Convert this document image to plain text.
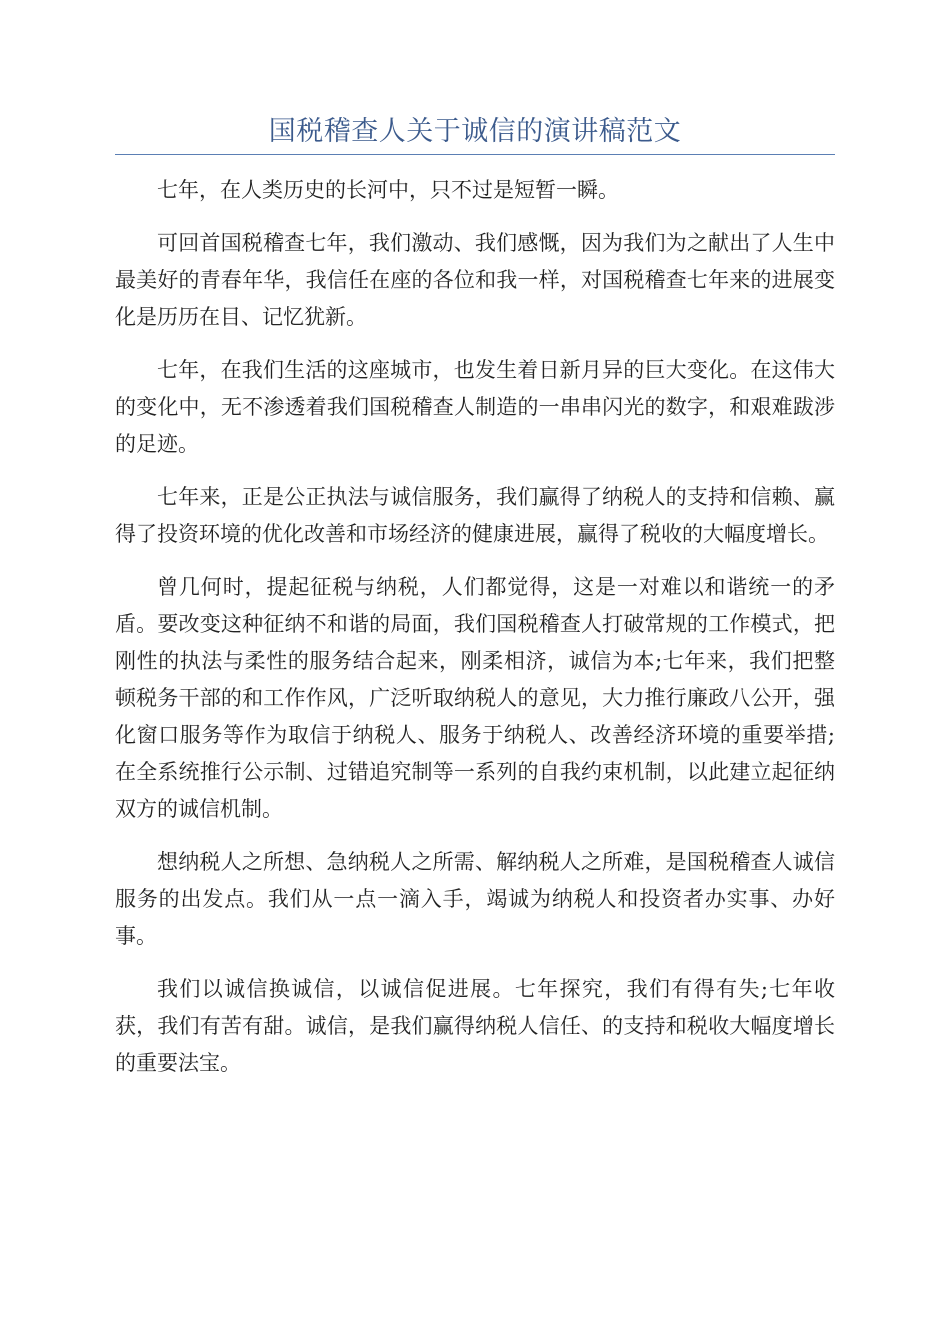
国税稽查人关于诚信的演讲稿范文

七年，在人类历史的长河中，只不过是短暂一瞬。

可回首国税稽查七年，我们激动、我们感慨，因为我们为之献出了人生中最美好的青春年华，我信任在座的各位和我一样，对国税稽查七年来的进展变化是历历在目、记忆犹新。

七年，在我们生活的这座城市，也发生着日新月异的巨大变化。在这伟大的变化中，无不渗透着我们国税稽查人制造的一串串闪光的数字，和艰难跋涉的足迹。

七年来，正是公正执法与诚信服务，我们赢得了纳税人的支持和信赖、赢得了投资环境的优化改善和市场经济的健康进展，赢得了税收的大幅度增长。

曾几何时，提起征税与纳税，人们都觉得，这是一对难以和谐统一的矛盾。要改变这种征纳不和谐的局面，我们国税稽查人打破常规的工作模式，把刚性的执法与柔性的服务结合起来，刚柔相济，诚信为本;七年来，我们把整顿税务干部的和工作作风，广泛听取纳税人的意见，大力推行廉政八公开，强化窗口服务等作为取信于纳税人、服务于纳税人、改善经济环境的重要举措;在全系统推行公示制、过错追究制等一系列的自我约束机制，以此建立起征纳双方的诚信机制。

想纳税人之所想、急纳税人之所需、解纳税人之所难，是国税稽查人诚信服务的出发点。我们从一点一滴入手，竭诚为纳税人和投资者办实事、办好事。

我们以诚信换诚信，以诚信促进展。七年探究，我们有得有失;七年收获，我们有苦有甜。诚信，是我们赢得纳税人信任、的支持和税收大幅度增长的重要法宝。
